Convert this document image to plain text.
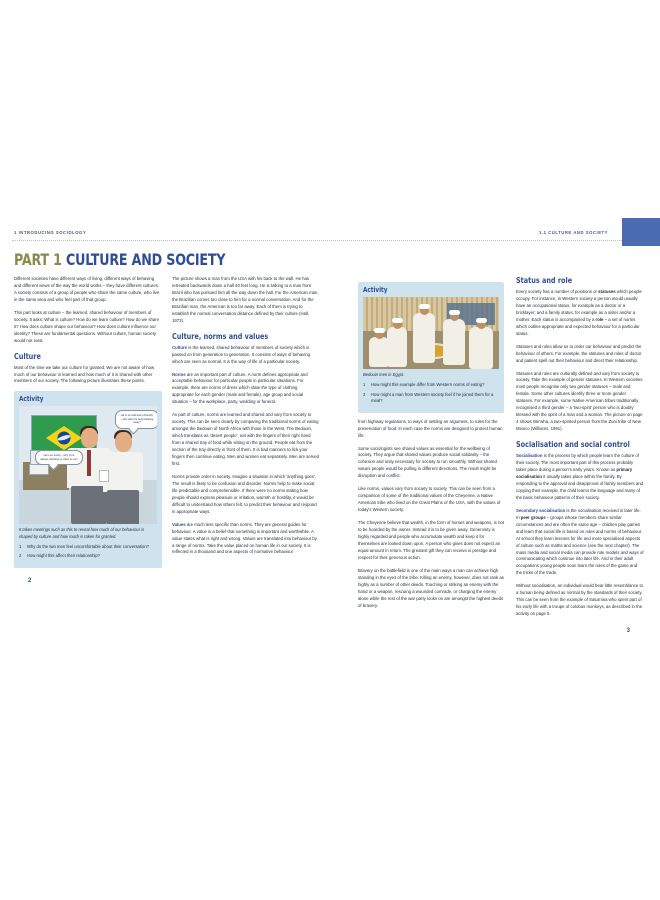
1 INTRODUCING SOCIOLOGY	1.1 CULTURE AND SOCIETY
PART 1 CULTURE AND SOCIETY

Different societies have different ways of living, different ways of behaving and different views of the way the world works – they have different cultures. A society consists of a group of people who share the same culture, who live in the same area and who feel part of that group.

This part looks at culture – the learned, shared behaviour of members of society. It asks: What is culture? How do we learn culture? How do we share it? How does culture shape our behaviour? How does culture influence our identity? These are fundamental questions. Without culture, human society would not exist.

Culture

Most of the time we take our culture for granted. We are not aware of how much of our behaviour is learned and how much of it is shared with other members of our society. The following picture illustrates these points.

Activity
He is so pushy – why is he always standing so close to me?
He is so cold and unfriendly – why does he keep backing away?
It takes meetings such as this to reveal how much of our behaviour is shaped by culture and how much is taken for granted.
1 Why do the two men feel uncomfortable about their conversation?
2 How might this affect their relationship?
2

The picture shows a man from the USA with his back to the wall. He has retreated backwards down a hall 40 feet long. He is talking to a man from Brazil who has pursued him all the way down the hall. For the American man, the Brazilian comes too close to him for a normal conversation. And for the Brazilian man, the American is too far away. Each of them is trying to establish the normal conversation distance defined by their culture (Hall, 1973).

Culture, norms and values

Culture is the learned, shared behaviour of members of society which is passed on from generation to generation. It consists of ways of behaving which are seen as normal. It is the way of life of a particular society.

Norms are an important part of culture. A norm defines appropriate and acceptable behaviour for particular people in particular situations. For example, there are norms of dress which state the type of clothing appropriate for each gender (male and female), age group and social situation – for the workplace, party, wedding or funeral.

As part of culture, norms are learned and shared and vary from society to society. This can be seen clearly by comparing the traditional norms of eating amongst the Bedouin of North Africa with those in the West. The Bedouin, which translates as 'desert people', eat with the fingers of their right hand from a shared tray of food while sitting on the ground. People eat from the section of the tray directly in front of them. It is bad manners to lick your fingers then continue eating. Men and women eat separately. Men are served first.

Norms provide order in society. Imagine a situation in which 'anything goes'. The result is likely to be confusion and disorder. Norms help to make social life predictable and comprehensible. If there were no norms stating how people should express pleasure or irritation, warmth or hostility, it would be difficult to understand how others felt, to predict their behaviour and respond in appropriate ways.

Values are much less specific than norms. They are general guides for behaviour. A value is a belief that something is important and worthwhile. A value states what is right and wrong. Values are translated into behaviour by a range of norms. Take the value placed on human life in our society. It is reflected in a thousand and one aspects of normative behaviour

Activity
Bedouin men in Egypt.
1 How might this example differ from Western norms of eating?
2 How might a man from Western society feel if he joined them for a meal?

from highway regulations, to ways of settling an argument, to rules for the preservation of food. In each case the norms are designed to protect human life.

Some sociologists see shared values as essential for the wellbeing of society. They argue that shared values produce social solidarity – the cohesion and unity necessary for society to run smoothly. Without shared values people would be pulling in different directions. The result might be disruption and conflict.

Like norms, values vary from society to society. This can be seen from a comparison of some of the traditional values of the Cheyenne, a Native American tribe who lived on the Great Plains of the USA, with the values of today's Western society.

The Cheyenne believe that wealth, in the form of horses and weapons, is not to be hoarded by the owner. Instead it is to be given away. Generosity is highly regarded and people who accumulate wealth and keep it for themselves are looked down upon. A person who gives does not expect an equal amount in return. The greatest gift they can receive is prestige and respect for their generous action.

Bravery on the battlefield is one of the main ways a man can achieve high standing in the eyes of the tribe. Killing an enemy, however, does not rank as highly as a number of other deeds. Touching or striking an enemy with the hand or a weapon, rescuing a wounded comrade, or charging the enemy alone while the rest of the war party looks on are amongst the highest deeds of bravery.

Status and role

Every society has a number of positions or statuses which people occupy. For instance, in Western society a person would usually have an occupational status, for example as a doctor or a bricklayer; and a family status, for example as a sister and/or a mother. Each status is accompanied by a role – a set of norms which outline appropriate and expected behaviour for a particular status.

Statuses and roles allow us to order our behaviour and predict the behaviour of others. For example, the statuses and roles of doctor and patient spell out their behaviour and direct their relationship.

Statuses and roles are culturally defined and vary from society to society. Take the example of gender statuses. In Western societies most people recognise only two gender statuses – male and female. Some other cultures identify three or more gender statuses. For example, some Native American tribes traditionally recognised a third gender – a 'two-spirit' person who is doubly blessed with the spirit of a man and a woman. The picture on page 4 shows We'wha, a two-spirited person from the Zuni tribe of New Mexico (Williams, 1991).

Socialisation and social control

Socialisation is the process by which people learn the culture of their society. The most important part of this process probably takes place during a person's early years. Known as primary socialisation it usually takes place within the family. By responding to the approval and disapproval of family members and copying their example, the child learns the language and many of the basic behaviour patterns of their society.

Secondary socialisation is the socialisation received in later life. In peer groups – groups whose members share similar circumstances and are often the same age – children play games and learn that social life is based on rules and norms of behaviour. At school they learn lessons for life and more specialised aspects of culture such as maths and science (see the next chapter). The mass media and social media can provide role models and ways of communicating which continue into later life. And in their adult occupations young people soon learn the rules of the game and the tricks of the trade.

Without socialisation, an individual would bear little resemblance to a human being defined as normal by the standards of their society. This can be seen from the example of Saturnina who spent part of his early life with a troupe of colobus monkeys, as described in the activity on page 5.

3
